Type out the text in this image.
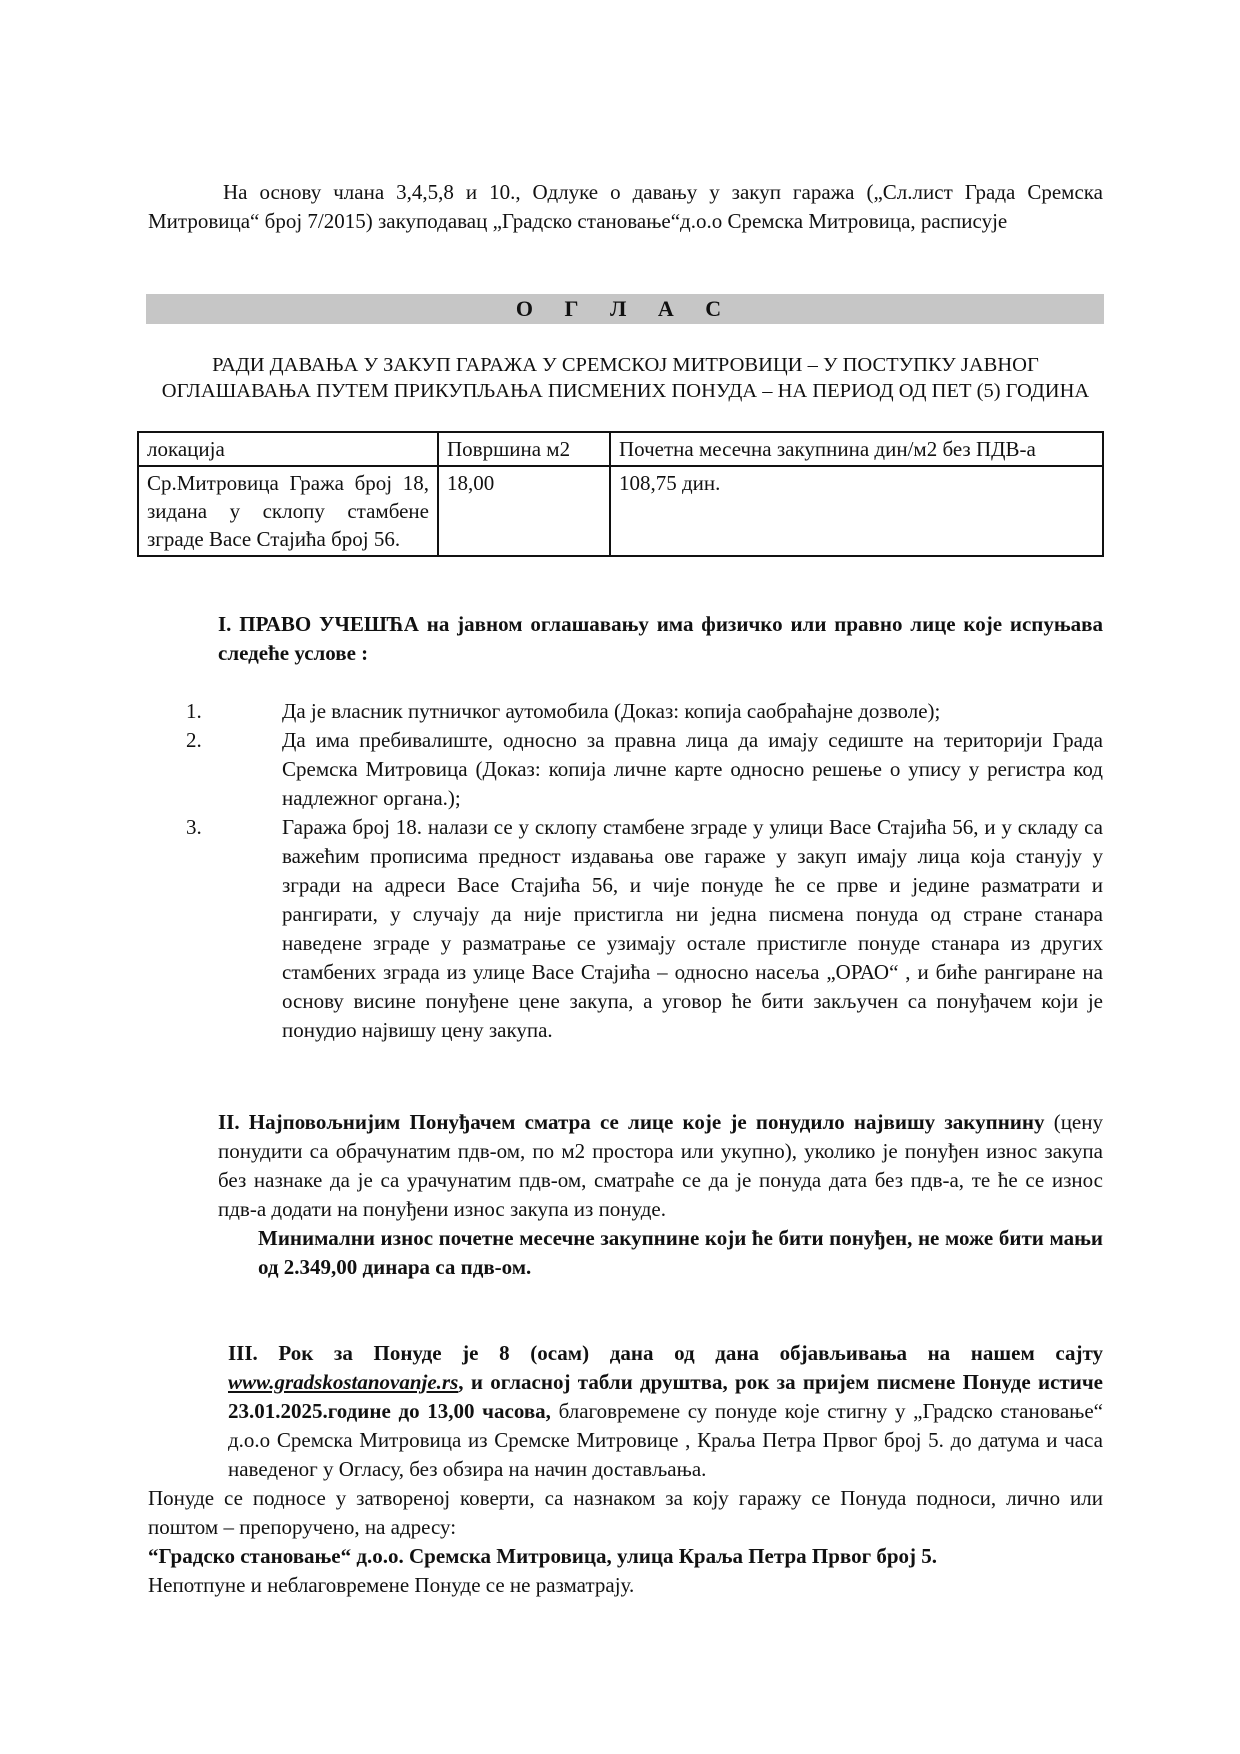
На основу члана 3,4,5,8 и 10., Одлуке о давању у закуп гаража („Сл.лист Града Сремска Митровица“ број 7/2015) закуподавац „Градско становање“д.о.о Сремска Митровица, расписује

О Г Л А С
РАДИ ДАВАЊА У ЗАКУП ГАРАЖА У СРЕМСКОЈ МИТРОВИЦИ – У ПОСТУПКУ ЈАВНОГ ОГЛАШАВАЊА ПУТЕМ ПРИКУПЉАЊА ПИСМЕНИХ ПОНУДА – НА ПЕРИОД ОД ПЕТ (5) ГОДИНА
локација	Површина м2	Почетна месечна закупнина дин/м2 без ПДВ-а
Ср.Митровица Гража број 18, зидана у склопу стамбене зграде Васе Стајића број 56.	18,00	108,75 дин.
I. ПРАВО УЧЕШЋА на јавном оглашавању има физичко или правно лице које испуњава следеће услове :
1.	Да је власник путничког аутомобила (Доказ: копија саобраћајне дозволе);
2.	Да има пребивалиште, односно за правна лица да имају седиште на територији Града Сремска Митровица (Доказ: копија личне карте односно решење о упису у регистра код надлежног органа.);
3.	Гаража број 18. налази се у склопу стамбене зграде у улици Васе Стајића 56, и у складу са важећим прописима предност издавања ове гараже у закуп имају лица која станују у згради на адреси Васе Стајића 56, и чије понуде ће се прве и једине разматрати и рангирати, у случају да није пристигла ни једна писмена понуда од стране станара наведене зграде у разматрање се узимају остале пристигле понуде станара из других стамбених зграда из улице Васе Стајића – односно насеља „ОРАО“ , и биће рангиране на основу висине понуђене цене закупа, а уговор ће бити закључен са понуђачем који је понудио највишу цену закупа.

II. Најповољнијим Понуђачем сматра се лице које је понудило највишу закупнину (цену понудити са обрачунатим пдв-ом, по м2 простора или укупно), уколико је понуђен износ закупа без назнаке да је са урачунатим пдв-ом, сматраће се да је понуда дата без пдв-а, те ће се износ пдв-а додати на понуђени износ закупа из понуде.

Минимални износ почетне месечне закупнине који ће бити понуђен, не може бити мањи од 2.349,00 динара са пдв-ом.

III. Рок за Понуде је 8 (осам) дана од дана објављивања на нашем сајту www.gradskostanovanje.rs, и огласној табли друштва, рок за пријем писмене Понуде истиче 23.01.2025.године до 13,00 часова, благовремене су понуде које стигну у „Градско становање“ д.о.о Сремска Митровица из Сремске Митровице , Краља Петра Првог број 5. до датума и часа наведеног у Огласу, без обзира на начин достављања.

Понуде се подносе у затвореној коверти, са назнаком за коју гаражу се Понуда подноси, лично или поштом – препоручено, на адресу:

“Градско становање“ д.о.о. Сремска Митровица, улица Краља Петра Првог број 5.

Непотпуне и неблаговремене Понуде се не разматрају.
